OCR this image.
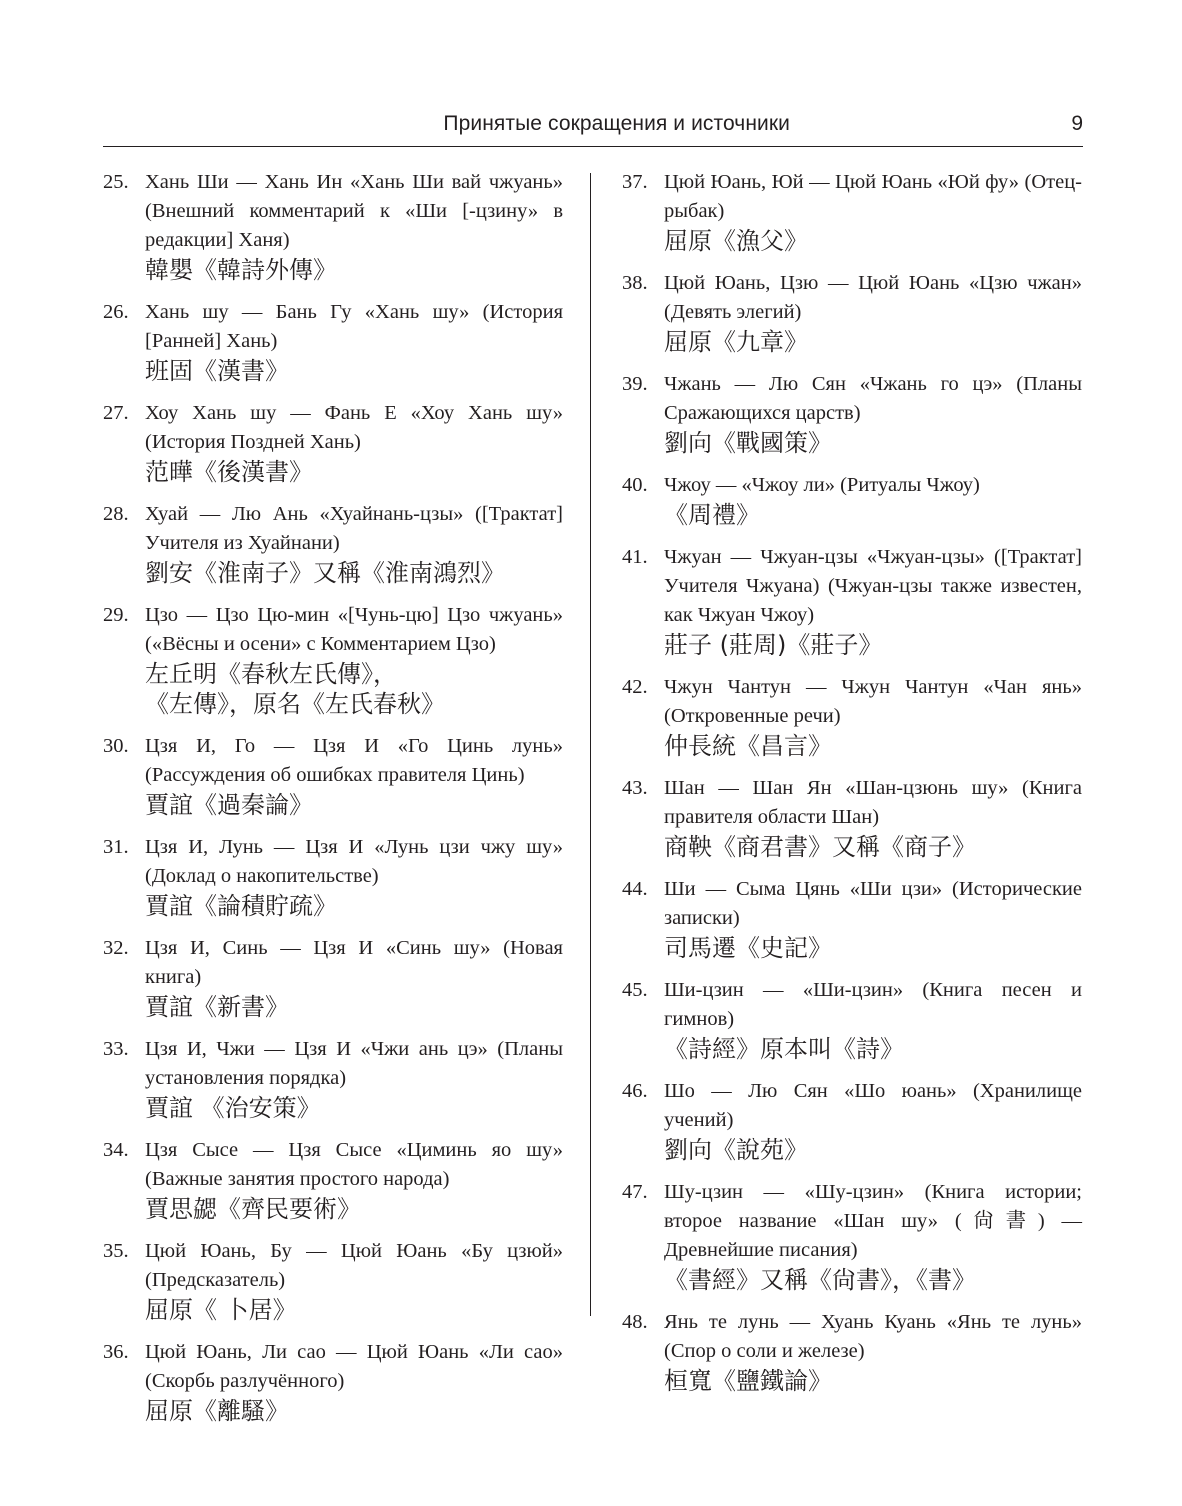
Принятые сокращения и источники	9
25. Хань Ши — Хань Ин «Хань Ши вай чжуань» (Внешний комментарий к «Ши [-цзину» в редакции] Ханя)
韓嬰《韓詩外傳》
26. Хань шу — Бань Гу «Хань шу» (История [Ранней] Хань)
班固《漢書》
27. Хоу Хань шу — Фань Е «Хоу Хань шу» (История Поздней Хань)
范曄《後漢書》
28. Хуай — Лю Ань «Хуайнань-цзы» ([Трактат] Учителя из Хуайнани)
劉安《淮南子》又稱《淮南鴻烈》
29. Цзо — Цзо Цю-мин «[Чунь-цю] Цзо чжуань» («Вёсны и осени» с Комментарием Цзо)
左丘明《春秋左氏傳》，
《左傳》，原名《左氏春秋》
30. Цзя И, Го — Цзя И «Го Цинь лунь» (Рассуждения об ошибках правителя Цинь)
賈誼《過秦論》
31. Цзя И, Лунь — Цзя И «Лунь цзи чжу шу» (Доклад о накопительстве)
賈誼《論積貯疏》
32. Цзя И, Синь — Цзя И «Синь шу» (Новая книга)
賈誼《新書》
33. Цзя И, Чжи — Цзя И «Чжи ань цэ» (Планы установления порядка)
賈誼 《治安策》
34. Цзя Сысе — Цзя Сысе «Циминь яо шу» (Важные занятия простого народа)
賈思勰《齊民要術》
35. Цюй Юань, Бу — Цюй Юань «Бу цзюй» (Предсказатель)
屈原《 卜居》
36. Цюй Юань, Ли сао — Цюй Юань «Ли сао» (Скорбь разлучённого)
屈原《離騷》
37. Цюй Юань, Юй — Цюй Юань «Юй фу» (Отец-рыбак)
屈原《漁父》
38. Цюй Юань, Цзю — Цюй Юань «Цзю чжан» (Девять элегий)
屈原《九章》
39. Чжань — Лю Сян «Чжань го цэ» (Планы Сражающихся царств)
劉向《戰國策》
40. Чжоу — «Чжоу ли» (Ритуалы Чжоу)
《周禮》
41. Чжуан — Чжуан-цзы «Чжуан-цзы» ([Трактат] Учителя Чжуана) (Чжуан-цзы также известен, как Чжуан Чжоу)
莊子 (莊周)《莊子》
42. Чжун Чантун — Чжун Чантун «Чан янь» (Откровенные речи)
仲長統《昌言》
43. Шан — Шан Ян «Шан-цзюнь шу» (Книга правителя области Шан)
商鞅《商君書》又稱《商子》
44. Ши — Сыма Цянь «Ши цзи» (Исторические записки)
司馬遷《史記》
45. Ши-цзин — «Ши-цзин» (Книга песен и гимнов)
《詩經》原本叫《詩》
46. Шо — Лю Сян «Шо юань» (Хранилище учений)
劉向《說苑》
47. Шу-цзин — «Шу-цзин» (Книга истории; второе название «Шан шу» (尙書) — Древнейшие писания)
《書經》又稱《尙書》，《書》
48. Янь те лунь — Хуань Куань «Янь те лунь» (Спор о соли и железе)
桓寬《鹽鐵論》
